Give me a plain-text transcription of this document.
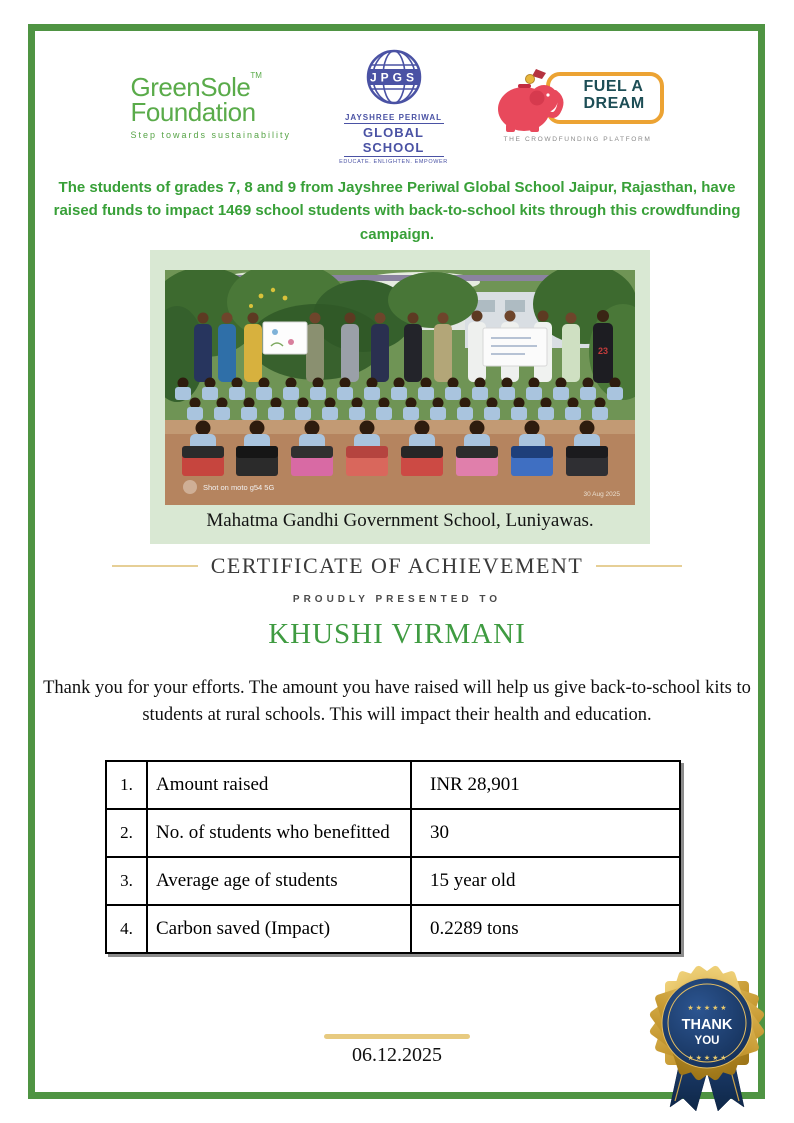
GreenSole™
Foundation
Step towards sustainability
JPGS
JAYSHREE PERIWAL
GLOBAL SCHOOL
EDUCATE. ENLIGHTEN. EMPOWER
FUEL A
DREAM
THE CROWDFUNDING PLATFORM
The students of grades 7, 8 and 9 from Jayshree Periwal Global School Jaipur, Rajasthan, have raised funds to impact 1469 school students with back-to-school kits through this crowdfunding campaign.
23
Shot on moto g54 5G
30 Aug 2025
Mahatma Gandhi Government School, Luniyawas.
CERTIFICATE OF ACHIEVEMENT
PROUDLY PRESENTED TO
KHUSHI VIRMANI
Thank you for your efforts. The amount you have raised will help us give back-to-school kits to students at rural schools. This will impact their health and education.
1.	Amount raised	INR 28,901
2.	No. of students who benefitted	30
3.	Average age of students	15 year old
4.	Carbon saved (Impact)	0.2289 tons
06.12.2025
★ ★ ★ ★ ★
THANK
YOU
★ ★ ★ ★ ★
